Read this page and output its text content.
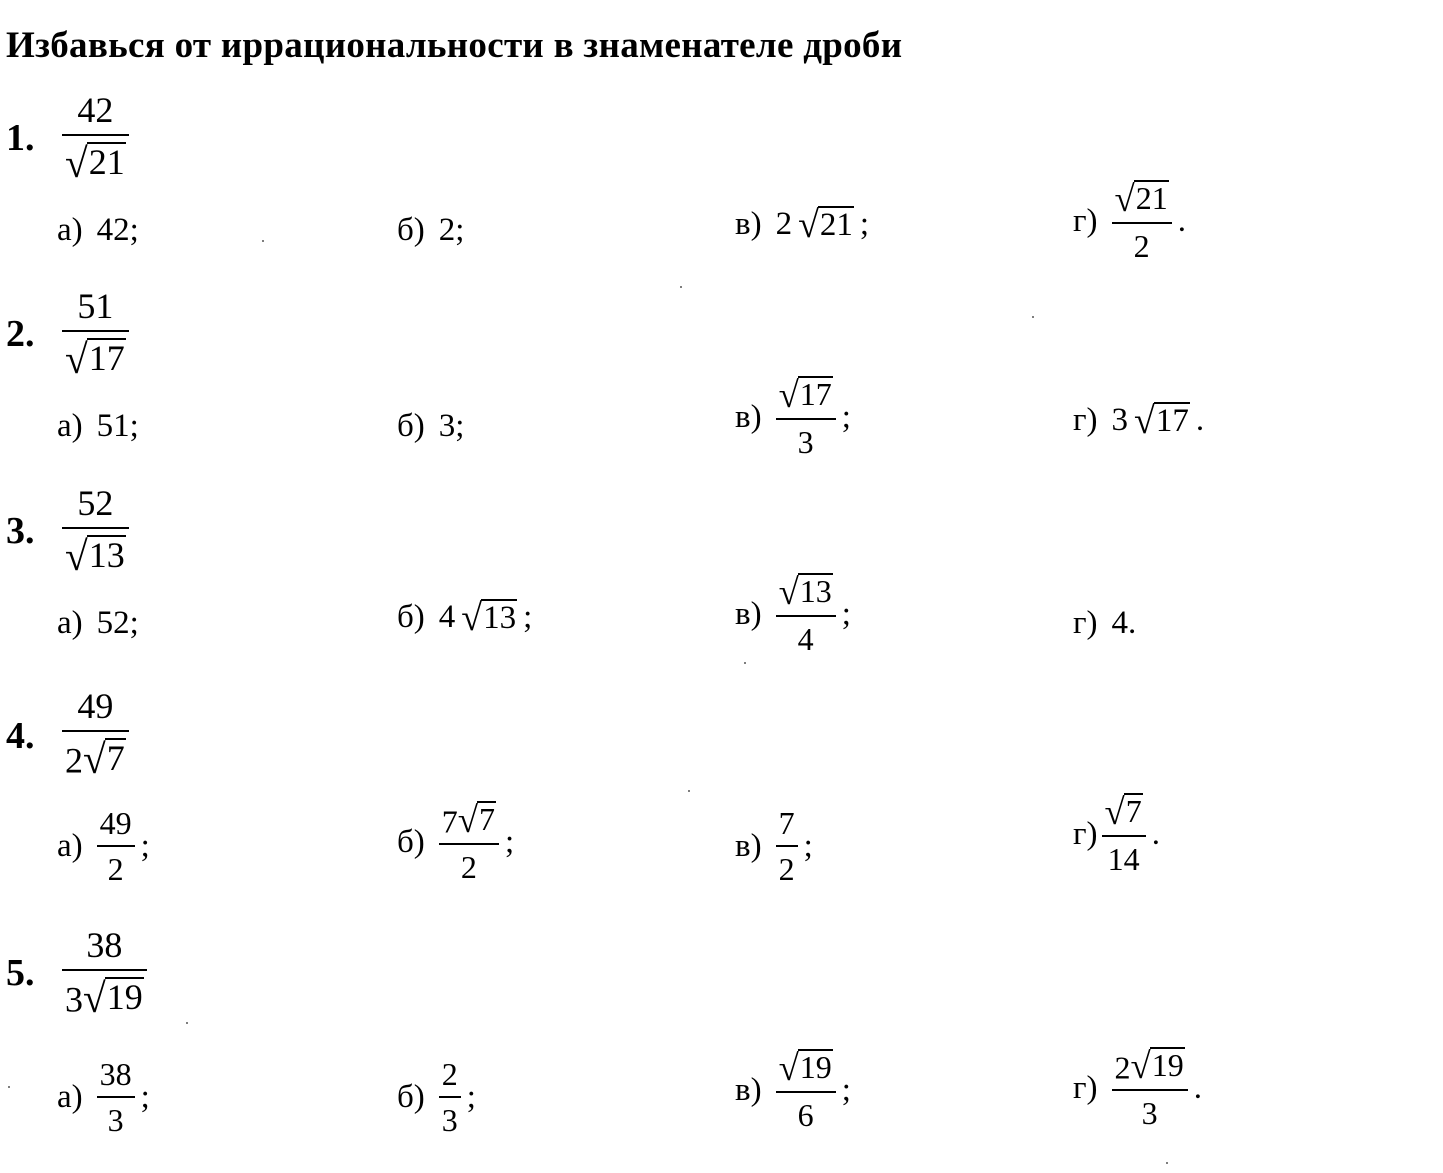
Избавься от иррациональности в знаменателе дроби
1.
42
√ 21
а) 42;	б) 2;	в) 2 √ 21 ;	$г) \frac{√ 21}{2}$ .
2.
51
√ 17
а) 51;	б) 3;	$в) \frac{√ 17}{3}$ ;	г) 3 √ 17 .
3.
52
√ 13
а) 52;	б) 4 √ 13 ;	$в) \frac{√ 13}{4}$ ;	г) 4.
4.
49
2 √ 7
$а) \frac{49}{2}$ ;	$б) \frac{7 √ 7}{2}$ ;	$в) \frac{7}{2}$ ;	$г) \frac{√ 7}{14}$ .
5.
38
3 √ 19
$а) \frac{38}{3}$ ;	$б) \frac{2}{3}$ ;	$в) \frac{√ 19}{6}$ ;	$г) \frac{2 √ 19}{3}$ .
